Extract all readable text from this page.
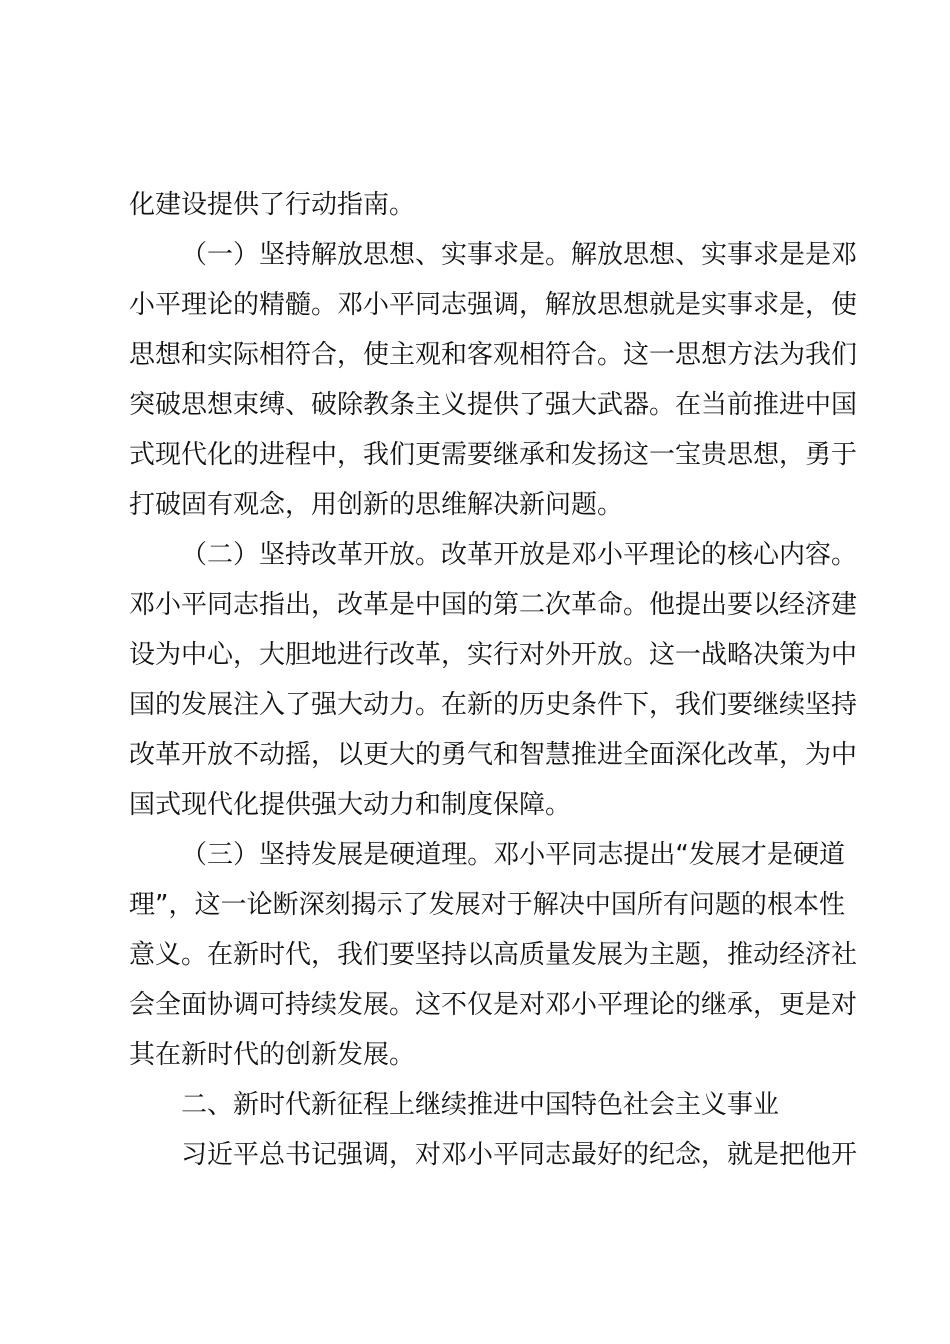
化建设提供了行动指南。
（一）坚持解放思想、实事求是。解放思想、实事求是是邓
小平理论的精髓。邓小平同志强调，解放思想就是实事求是，使
思想和实际相符合，使主观和客观相符合。这一思想方法为我们
突破思想束缚、破除教条主义提供了强大武器。在当前推进中国
式现代化的进程中，我们更需要继承和发扬这一宝贵思想，勇于
打破固有观念，用创新的思维解决新问题。
（二）坚持改革开放。改革开放是邓小平理论的核心内容。
邓小平同志指出，改革是中国的第二次革命。他提出要以经济建
设为中心，大胆地进行改革，实行对外开放。这一战略决策为中
国的发展注入了强大动力。在新的历史条件下，我们要继续坚持
改革开放不动摇，以更大的勇气和智慧推进全面深化改革，为中
国式现代化提供强大动力和制度保障。
（三）坚持发展是硬道理。邓小平同志提出“发展才是硬道
理”，这一论断深刻揭示了发展对于解决中国所有问题的根本性
意义。在新时代，我们要坚持以高质量发展为主题，推动经济社
会全面协调可持续发展。这不仅是对邓小平理论的继承，更是对
其在新时代的创新发展。
二、新时代新征程上继续推进中国特色社会主义事业
习近平总书记强调，对邓小平同志最好的纪念，就是把他开
